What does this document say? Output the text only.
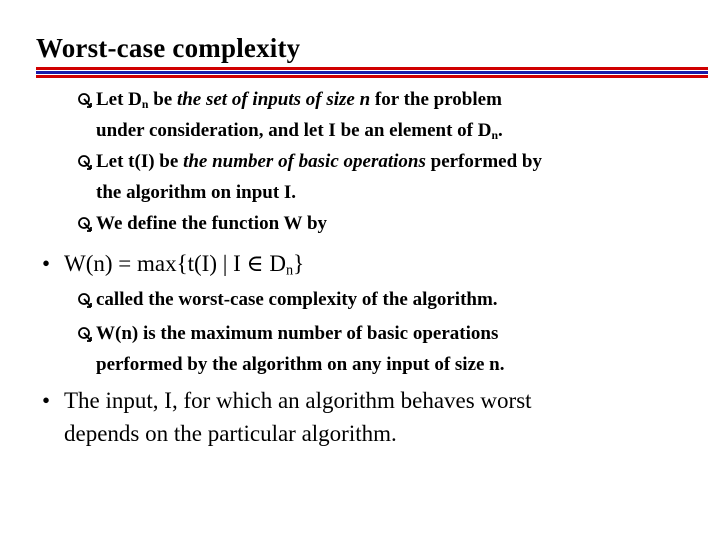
Worst-case complexity
Let $D_n$ be the set of inputs of size n for the problem
under consideration, and let I be an element of $D_n$.
Let t(I) be the number of basic operations performed by
the algorithm on input I.
We define the function W by
• W(n) = max{t(I) | I ∈ $D_n$}
called the worst-case complexity of the algorithm.
W(n) is the maximum number of basic operations
performed by the algorithm on any input of size n.
• The input, I, for which an algorithm behaves worst
depends on the particular algorithm.
